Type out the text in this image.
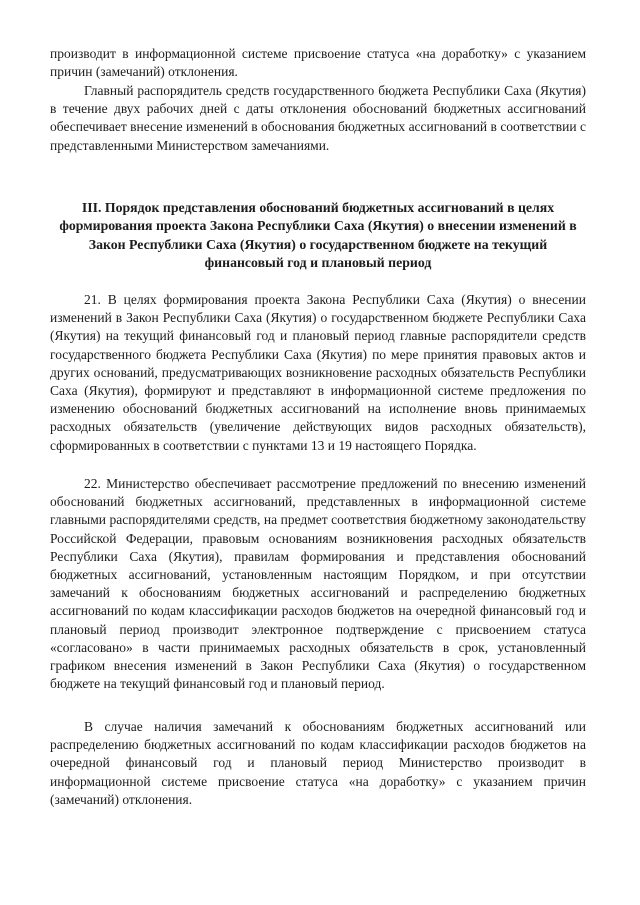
производит в информационной системе присвоение статуса «на доработку» с указанием причин (замечаний) отклонения.

Главный распорядитель средств государственного бюджета Республики Саха (Якутия) в течение двух рабочих дней с даты отклонения обоснований бюджетных ассигнований обеспечивает внесение изменений в обоснования бюджетных ассигнований в соответствии с представленными Министерством замечаниями.

III. Порядок представления обоснований бюджетных ассигнований в целях формирования проекта Закона Республики Саха (Якутия) о внесении изменений в Закон Республики Саха (Якутия) о государственном бюджете на текущий финансовый год и плановый период

21. В целях формирования проекта Закона Республики Саха (Якутия) о внесении изменений в Закон Республики Саха (Якутия) о государственном бюджете Республики Саха (Якутия) на текущий финансовый год и плановый период главные распорядители средств государственного бюджета Республики Саха (Якутия) по мере принятия правовых актов и других оснований, предусматривающих возникновение расходных обязательств Республики Саха (Якутия), формируют и представляют в информационной системе предложения по изменению обоснований бюджетных ассигнований на исполнение вновь принимаемых расходных обязательств (увеличение действующих видов расходных обязательств), сформированных в соответствии с пунктами 13 и 19 настоящего Порядка.

22. Министерство обеспечивает рассмотрение предложений по внесению изменений обоснований бюджетных ассигнований, представленных в информационной системе главными распорядителями средств, на предмет соответствия бюджетному законодательству Российской Федерации, правовым основаниям возникновения расходных обязательств Республики Саха (Якутия), правилам формирования и представления обоснований бюджетных ассигнований, установленным настоящим Порядком, и при отсутствии замечаний к обоснованиям бюджетных ассигнований и распределению бюджетных ассигнований по кодам классификации расходов бюджетов на очередной финансовый год и плановый период производит электронное подтверждение с присвоением статуса «согласовано» в части принимаемых расходных обязательств в срок, установленный графиком внесения изменений в Закон Республики Саха (Якутия) о государственном бюджете на текущий финансовый год и плановый период.

В случае наличия замечаний к обоснованиям бюджетных ассигнований или распределению бюджетных ассигнований по кодам классификации расходов бюджетов на очередной финансовый год и плановый период Министерство производит в информационной системе присвоение статуса «на доработку» с указанием причин (замечаний) отклонения.
